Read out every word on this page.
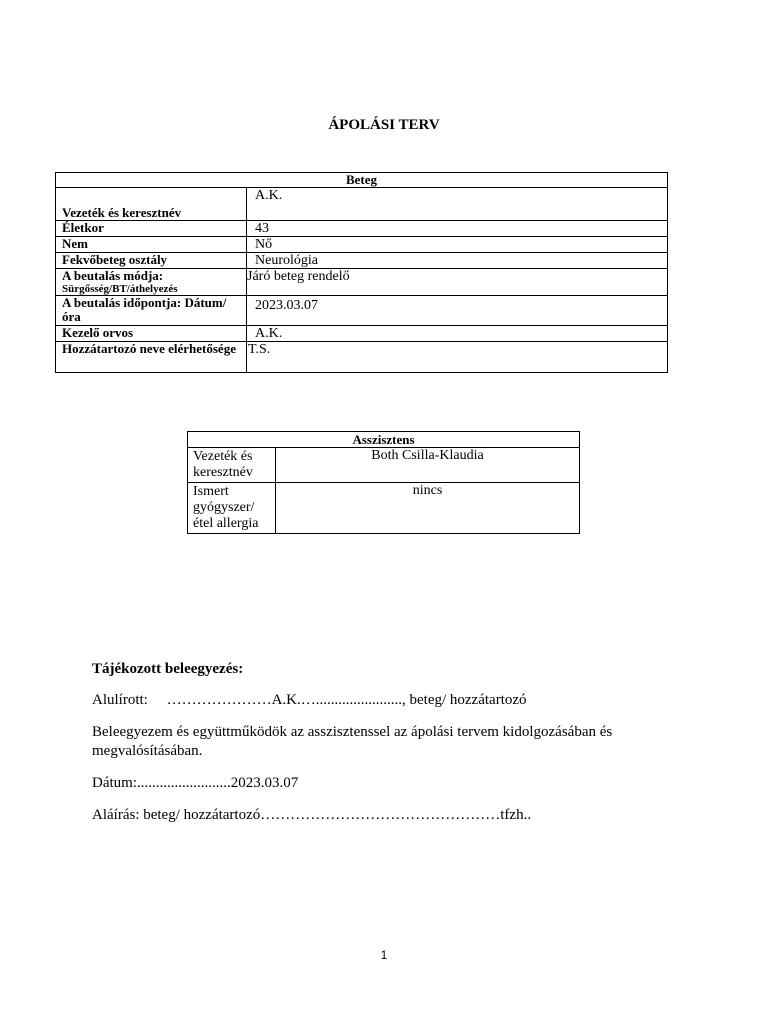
ÁPOLÁSI TERV
Beteg	
Vezeték és keresztnév	A.K.
Életkor	43
Nem	Nő
Fekvőbeteg osztály	Neurológia
A beutalás módja:
Sürgősség/BT/áthelyezés	Járó beteg rendelő
A beutalás időpontja: Dátum/ óra	2023.03.07
Kezelő orvos	A.K.
Hozzátartozó neve elérhetősége	T.S.
Asszisztens	
Vezeték és keresztnév	Both Csilla-Klaudia
Ismert gyógyszer/ étel allergia	nincs
Tájékozott beleegyezés:
Alulírott:     …………………A.K.…......................., beteg/ hozzátartozó
Beleegyezem és együttműködök az asszisztenssel az ápolási tervem kidolgozásában és megvalósításában.
Dátum:.........................2023.03.07
Aláírás: beteg/ hozzátartozó…………………………………………tfzh..
1
